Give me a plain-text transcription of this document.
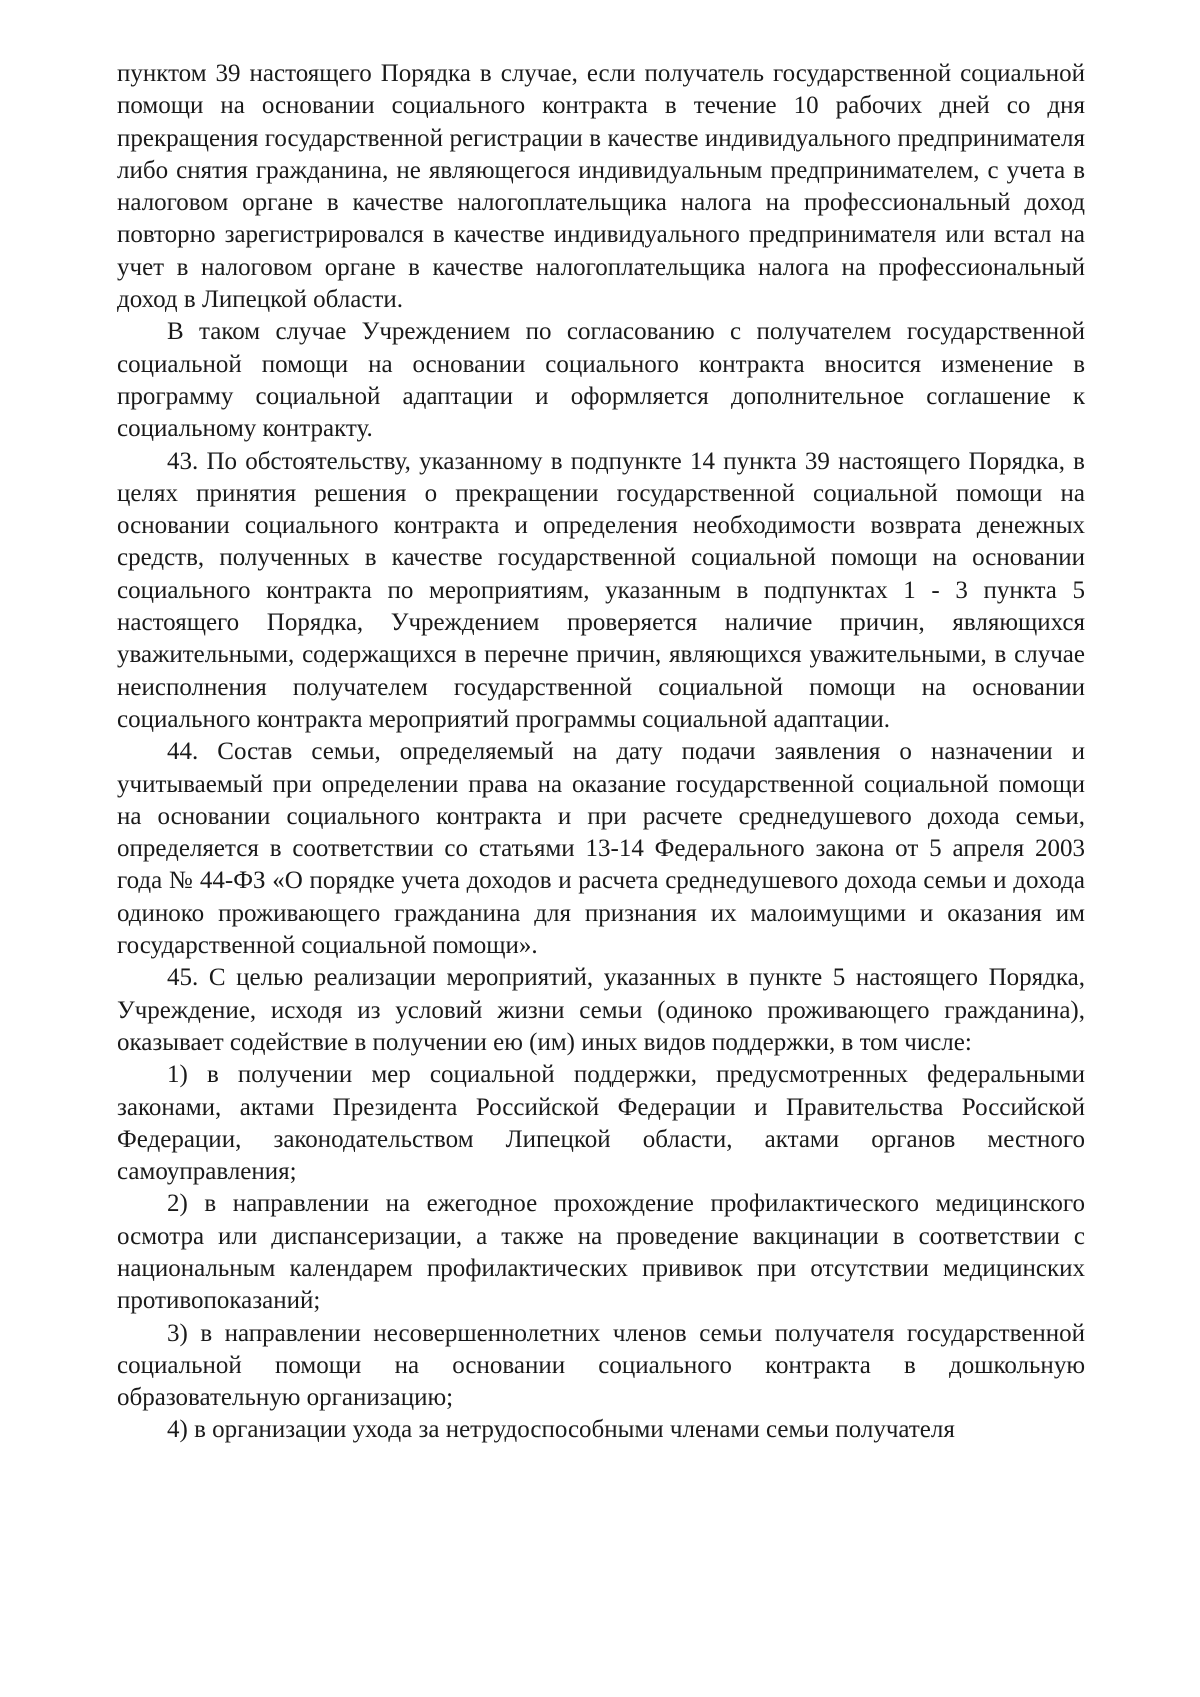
пунктом 39 настоящего Порядка в случае, если получатель государственной социальной помощи на основании социального контракта в течение 10 рабочих дней со дня прекращения государственной регистрации в качестве индивидуального предпринимателя либо снятия гражданина, не являющегося индивидуальным предпринимателем, с учета в налоговом органе в качестве налогоплательщика налога на профессиональный доход повторно зарегистрировался в качестве индивидуального предпринимателя или встал на учет в налоговом органе в качестве налогоплательщика налога на профессиональный доход в Липецкой области.

В таком случае Учреждением по согласованию с получателем государственной социальной помощи на основании социального контракта вносится изменение в программу социальной адаптации и оформляется дополнительное соглашение к социальному контракту.

43. По обстоятельству, указанному в подпункте 14 пункта 39 настоящего Порядка, в целях принятия решения о прекращении государственной социальной помощи на основании социального контракта и определения необходимости возврата денежных средств, полученных в качестве государственной социальной помощи на основании социального контракта по мероприятиям, указанным в подпунктах 1 - 3 пункта 5 настоящего Порядка, Учреждением проверяется наличие причин, являющихся уважительными, содержащихся в перечне причин, являющихся уважительными, в случае неисполнения получателем государственной социальной помощи на основании социального контракта мероприятий программы социальной адаптации.

44. Состав семьи, определяемый на дату подачи заявления о назначении и учитываемый при определении права на оказание государственной социальной помощи на основании социального контракта и при расчете среднедушевого дохода семьи, определяется в соответствии со статьями 13-14 Федерального закона от 5 апреля 2003 года № 44-ФЗ «О порядке учета доходов и расчета среднедушевого дохода семьи и дохода одиноко проживающего гражданина для признания их малоимущими и оказания им государственной социальной помощи».

45. С целью реализации мероприятий, указанных в пункте 5 настоящего Порядка, Учреждение, исходя из условий жизни семьи (одиноко проживающего гражданина), оказывает содействие в получении ею (им) иных видов поддержки, в том числе:

1) в получении мер социальной поддержки, предусмотренных федеральными законами, актами Президента Российской Федерации и Правительства Российской Федерации, законодательством Липецкой области, актами органов местного самоуправления;

2) в направлении на ежегодное прохождение профилактического медицинского осмотра или диспансеризации, а также на проведение вакцинации в соответствии с национальным календарем профилактических прививок при отсутствии медицинских противопоказаний;

3) в направлении несовершеннолетних членов семьи получателя государственной социальной помощи на основании социального контракта в дошкольную образовательную организацию;

4) в организации ухода за нетрудоспособными членами семьи получателя
